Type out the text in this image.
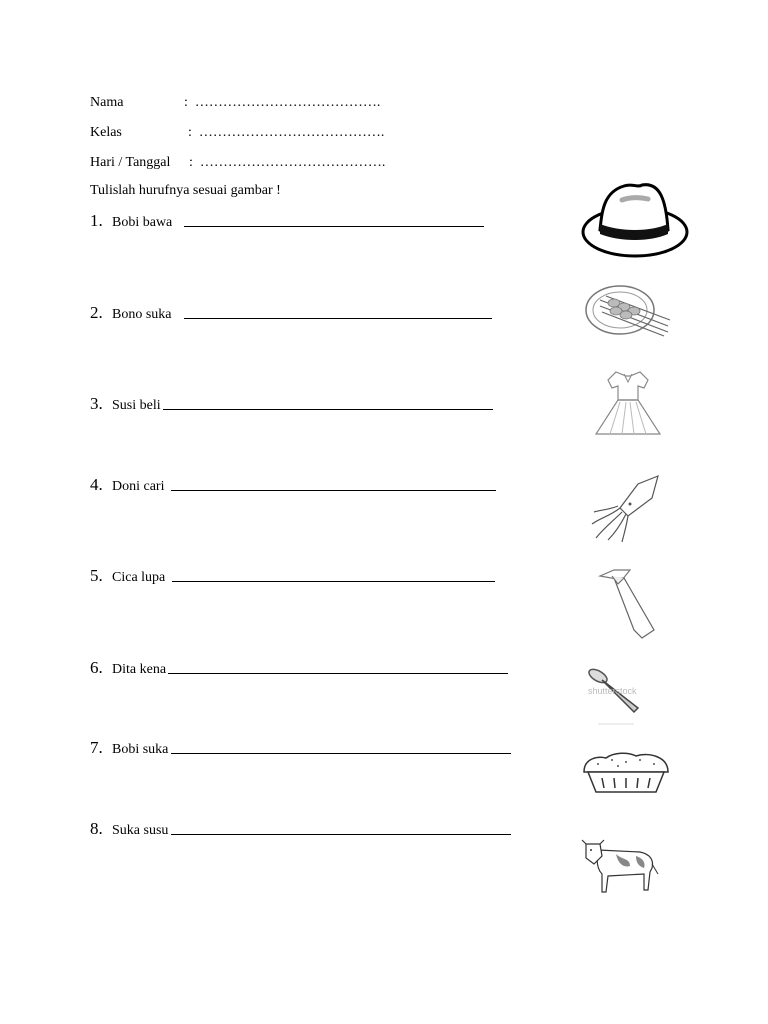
Nama	: ………………………………….
Kelas	: ………………………………….
Hari / Tanggal : ………………………………….
Tulislah hurufnya sesuai gambar !
1. Bobi bawa
2. Bono suka
3. Susi beli
4. Doni cari
5. Cica lupa
6. Dita kena
7. Bobi suka
8. Suka susu
shutterstock
